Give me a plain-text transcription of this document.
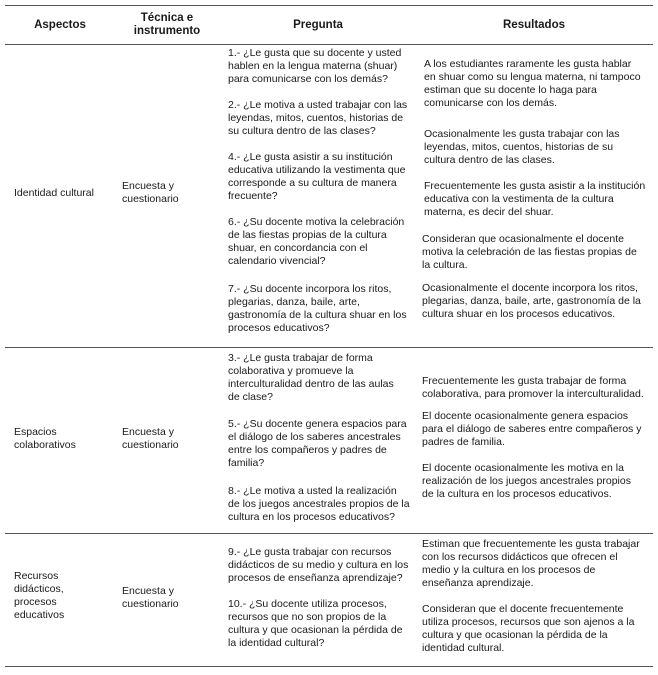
Aspectos
Técnica e instrumento	Pregunta	Resultados
Identidad cultural
Encuesta y cuestionario
1.- ¿Le gusta que su docente y usted hablen en la lengua materna (shuar) para comunicarse con los demás?
2.- ¿Le motiva a usted trabajar con las leyendas, mitos, cuentos, historias de su cultura dentro de las clases?
4.- ¿Le gusta asistir a su institución educativa utilizando la vestimenta que corresponde a su cultura de manera frecuente?
6.- ¿Su docente motiva la celebración de las fiestas propias de la cultura shuar, en concordancia con el calendario vivencial?
7.- ¿Su docente incorpora los ritos, plegarias, danza, baile, arte, gastronomía de la cultura shuar en los procesos educativos?
A los estudiantes raramente les gusta hablar en shuar como su lengua materna, ni tampoco estiman que su docente lo haga para comunicarse con los demás.
Ocasionalmente les gusta trabajar con las leyendas, mitos, cuentos, historias de su cultura dentro de las clases.
Frecuentemente les gusta asistir a la institución educativa con la vestimenta de la cultura materna, es decir del shuar.
Consideran que ocasionalmente el docente motiva la celebración de las fiestas propias de la cultura.
Ocasionalmente el docente incorpora los ritos, plegarias, danza, baile, arte, gastronomía de la cultura shuar en los procesos educativos.
Espacios colaborativos
Encuesta y cuestionario
3.- ¿Le gusta trabajar de forma colaborativa y promueve la interculturalidad dentro de las aulas de clase?
5.- ¿Su docente genera espacios para el diálogo de los saberes ancestrales entre los compañeros y padres de familia?
8.- ¿Le motiva a usted la realización de los juegos ancestrales propios de la cultura en los procesos educativos?
Frecuentemente les gusta trabajar de forma colaborativa, para promover la interculturalidad.
El docente ocasionalmente genera espacios para el diálogo de saberes entre compañeros y padres de familia.
El docente ocasionalmente les motiva en la realización de los juegos ancestrales propios de la cultura en los procesos educativos.
Recursos didácticos, procesos educativos
Encuesta y cuestionario
9.- ¿Le gusta trabajar con recursos didácticos de su medio y cultura en los procesos de enseñanza aprendizaje?
10.- ¿Su docente utiliza procesos, recursos que no son propios de la cultura y que ocasionan la pérdida de la identidad cultural?
Estiman que frecuentemente les gusta trabajar con los recursos didácticos que ofrecen el medio y la cultura en los procesos de enseñanza aprendizaje.
Consideran que el docente frecuentemente utiliza procesos, recursos que son ajenos a la cultura y que ocasionan la pérdida de la identidad cultural.
